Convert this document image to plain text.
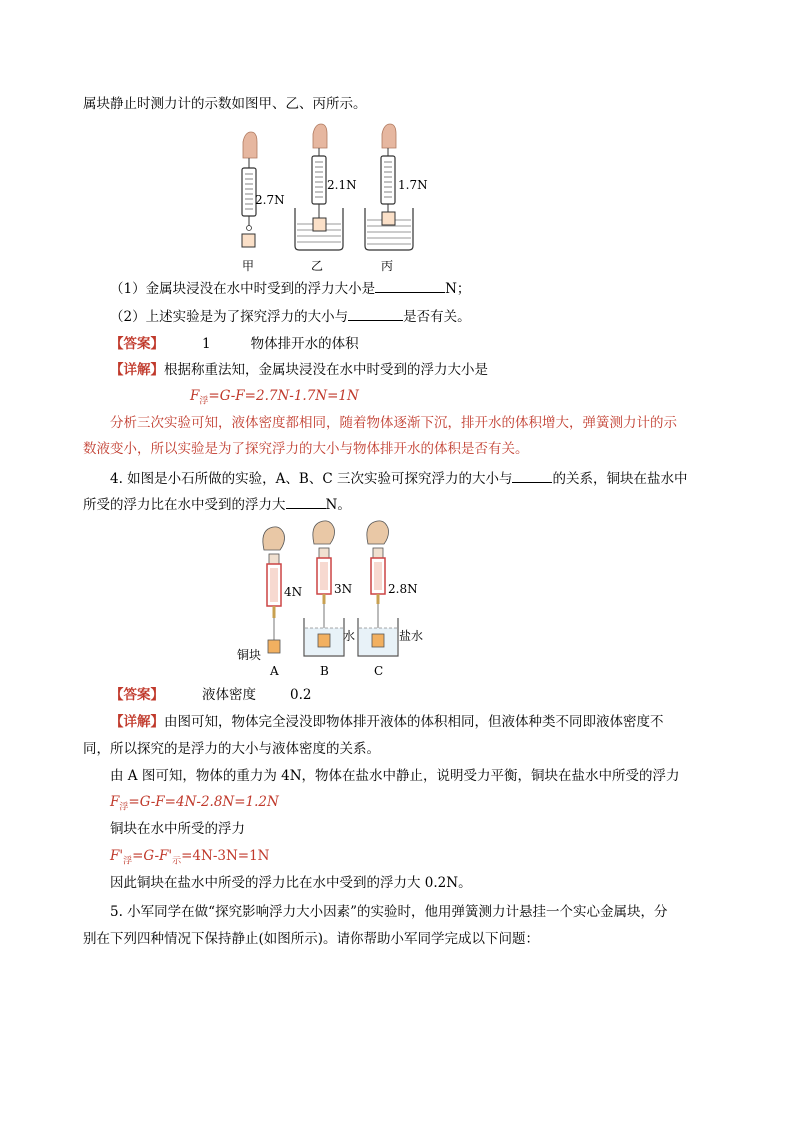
属块静止时测力计的示数如图甲、乙、丙所示。
2.7N
2.1N	1.7N
甲	乙	丙
（1）金属块浸没在水中时受到的浮力大小是	N；
（2）上述实验是为了探究浮力的大小与	是否有关。
【答案】	1	物体排开水的体积
【详解】根据称重法知，金属块浸没在水中时受到的浮力大小是
$F_浮=G-F=2.7N-1.7N=1N$
分析三次实验可知，液体密度都相同，随着物体逐渐下沉，排开水的体积增大，弹簧测力计的示
数液变小，所以实验是为了探究浮力的大小与物体排开水的体积是否有关。
4. 如图是小石所做的实验，A、B、C 三次实验可探究浮力的大小与	的关系，铜块在盐水中
所受的浮力比在水中受到的浮力大	N。
4N	3N	2.8N
铜块
水	盐水
A	B	C
【答案】	液体密度	0.2
【详解】由图可知，物体完全浸没即物体排开液体的体积相同，但液体种类不同即液体密度不
同，所以探究的是浮力的大小与液体密度的关系。
由 A 图可知，物体的重力为 4N，物体在盐水中静止，说明受力平衡，铜块在盐水中所受的浮力
$F_浮=G-F=4N-2.8N=1.2N$
铜块在水中所受的浮力
$F'_浮=G-F'_示=4N-3N=1N$
因此铜块在盐水中所受的浮力比在水中受到的浮力大 0.2N。
5. 小军同学在做“探究影响浮力大小因素”的实验时，他用弹簧测力计悬挂一个实心金属块，分
别在下列四种情况下保持静止(如图所示)。请你帮助小军同学完成以下问题：
